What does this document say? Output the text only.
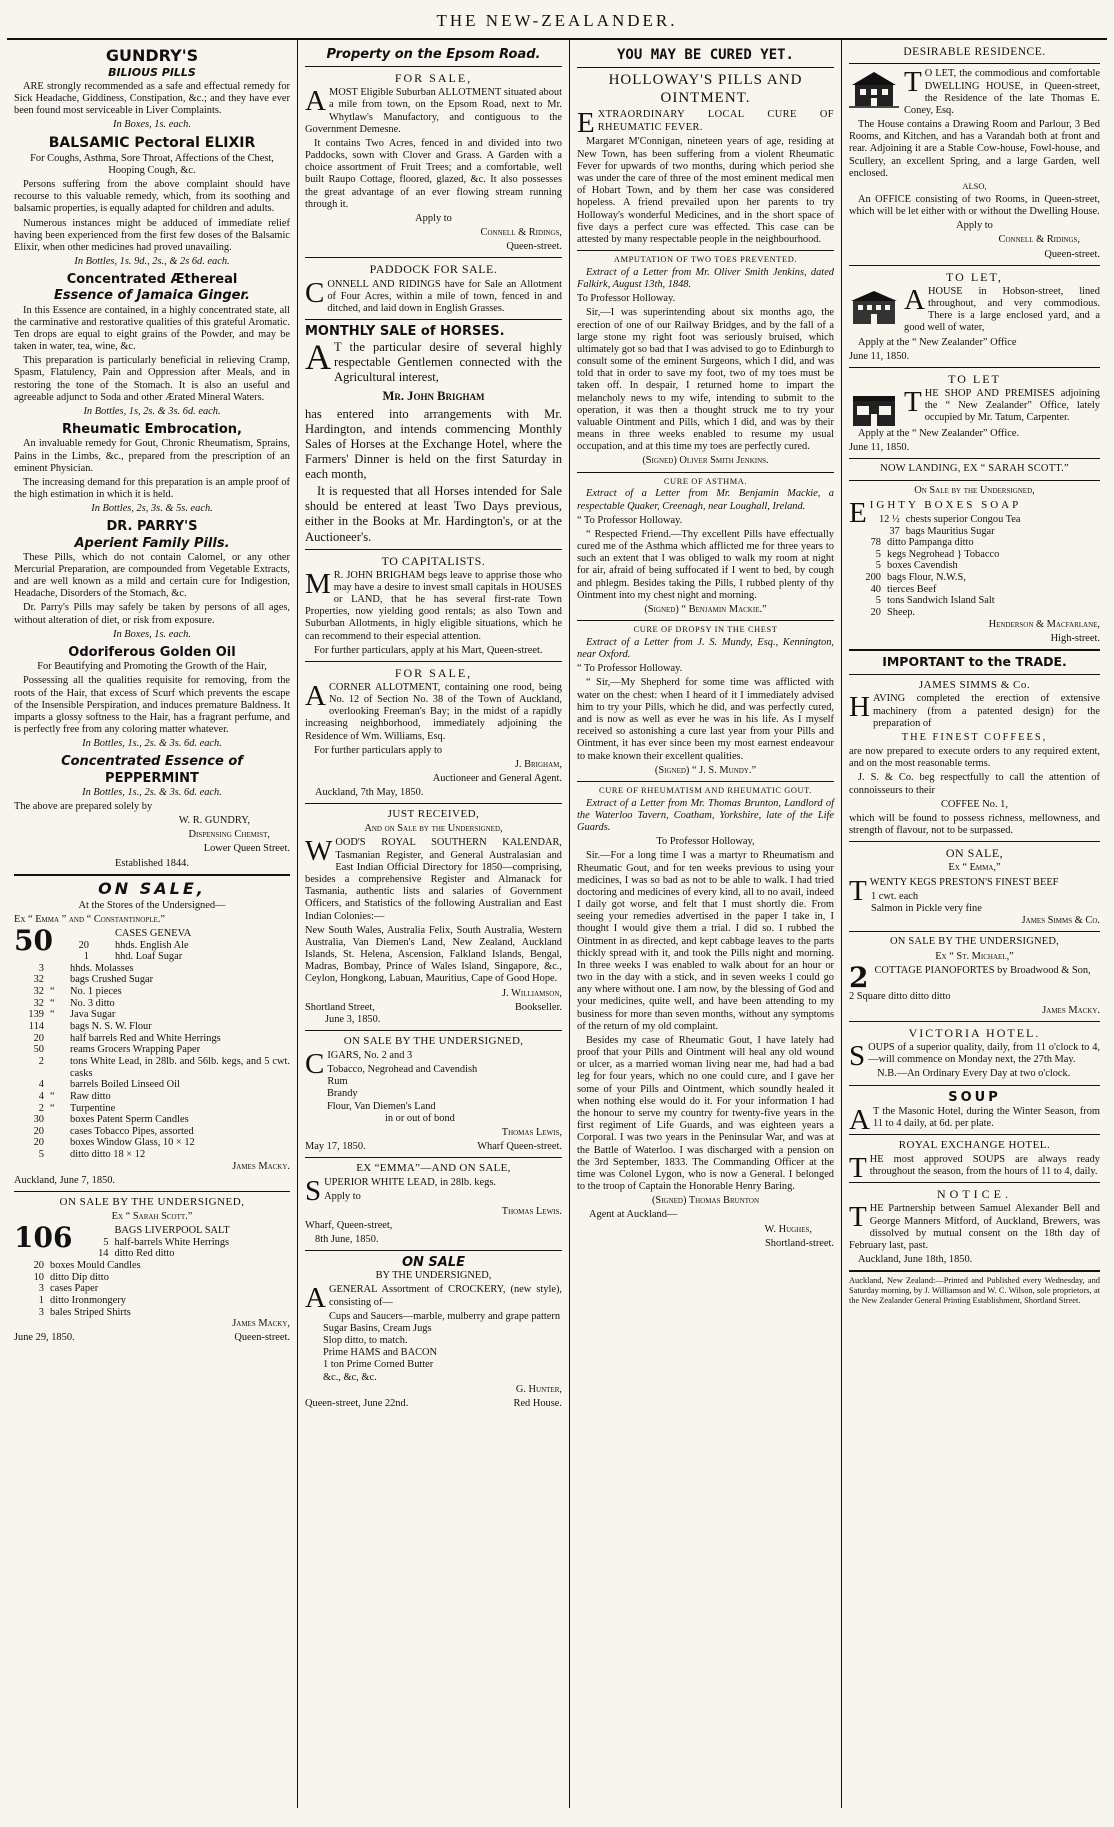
THE NEW-ZEALANDER.
GUNDRY'S
BILIOUS PILLS

ARE strongly recommended as a safe and effectual remedy for Sick Headache, Giddiness, Constipation, &c.; and they have ever been found most serviceable in Liver Complaints.

In Boxes, 1s. each.

BALSAMIC Pectoral ELIXIR

For Coughs, Asthma, Sore Throat, Affections of the Chest, Hooping Cough, &c.

Persons suffering from the above complaint should have recourse to this valuable remedy, which, from its soothing and balsamic properties, is equally adapted for children and adults.

Numerous instances might be adduced of immediate relief having been experienced from the first few doses of the Balsamic Elixir, when other medicines had proved unavailing.

In Bottles, 1s. 9d., 2s., & 2s 6d. each.

Concentrated Æthereal
Essence of Jamaica Ginger.

In this Essence are contained, in a highly concentrated state, all the carminative and restorative qualities of this grateful Aromatic. Ten drops are equal to eight grains of the Powder, and may be taken in water, tea, wine, &c.

This preparation is particularly beneficial in relieving Cramp, Spasm, Flatulency, Pain and Oppression after Meals, and in restoring the tone of the Stomach. It is also an useful and agreeable adjunct to Soda and other Ærated Mineral Waters.

In Bottles, 1s, 2s. & 3s. 6d. each.

Rheumatic Embrocation,

An invaluable remedy for Gout, Chronic Rheumatism, Sprains, Pains in the Limbs, &c., prepared from the prescription of an eminent Physician.

The increasing demand for this preparation is an ample proof of the high estimation in which it is held.

In Bottles, 2s, 3s. & 5s. each.

DR. PARRY'S
Aperient Family Pills.

These Pills, which do not contain Calomel, or any other Mercurial Preparation, are compounded from Vegetable Extracts, and are well known as a mild and certain cure for Indigestion, Headache, Disorders of the Stomach, &c.

Dr. Parry's Pills may safely be taken by persons of all ages, without alteration of diet, or risk from exposure.

In Boxes, 1s. each.

Odoriferous Golden Oil

For Beautifying and Promoting the Growth of the Hair,

Possessing all the qualities requisite for removing, from the roots of the Hair, that excess of Scurf which prevents the escape of the Insensible Perspiration, and induces premature Baldness. It imparts a glossy softness to the Hair, has a fragrant perfume, and is perfectly free from any coloring matter whatever.

In Bottles, 1s., 2s. & 3s. 6d. each.

Concentrated Essence of
PEPPERMINT

In Bottles, 1s., 2s. & 3s. 6d. each.

The above are prepared solely by

W. R. GUNDRY,

Dispensing Chemist,

Lower Queen Street.

Established 1844.

ON SALE,

At the Stores of the Undersigned—

Ex “ Emma ” and “ Constantinople.”

50	CASES GENEVA
20	hhds. English Ale
1	hhd. Loaf Sugar
3	hhds. Molasses
32	bags Crushed Sugar
32 “	No. 1 pieces
32 “	No. 3 ditto
139 “	Java Sugar
114	bags N. S. W. Flour
20	half barrels Red and White Herrings
50	reams Grocers Wrapping Paper
2	tons White Lead, in 28lb. and 56lb. kegs, and 5 cwt. casks
4	barrels Boiled Linseed Oil
4 “	Raw ditto
2 “	Turpentine
30	boxes Patent Sperm Candles
20	cases Tobacco Pipes, assorted
20	boxes Window Glass, 10 × 12
5	ditto ditto 18 × 12

James Macky.

Auckland, June 7, 1850.

ON SALE BY THE UNDERSIGNED,

Ex “ Sarah Scott.”

106	BAGS LIVERPOOL SALT
5 half-barrels White Herrings
14 ditto Red ditto
20 boxes Mould Candles
10 ditto Dip ditto
3 cases Paper
1 ditto Ironmongery
3 bales Striped Shirts

James Macky,

June 29, 1850.	Queen-street.
Property on the Epsom Road.
FOR SALE,

AMOST Eligible Suburban ALLOTMENT situated about a mile from town, on the Epsom Road, next to Mr. Whytlaw's Manufactory, and contiguous to the Government Demesne.

It contains Two Acres, fenced in and divided into two Paddocks, sown with Clover and Grass. A Garden with a choice assortment of Fruit Trees; and a comfortable, well built Raupo Cottage, floored, glazed, &c. It also possesses the great advantage of an ever flowing stream running through it.

Apply to

Connell & Ridings,

Queen-street.

PADDOCK FOR SALE.

CONNELL AND RIDINGS have for Sale an Allotment of Four Acres, within a mile of town, fenced in and ditched, and laid down in English Grasses.

MONTHLY SALE of HORSES.

A T the particular desire of several highly respectable Gentlemen connected with the Agricultural interest,

Mr. John Brigham

has entered into arrangements with Mr. Hardington, and intends commencing Monthly Sales of Horses at the Exchange Hotel, where the Farmers' Dinner is held on the first Saturday in each month,

It is requested that all Horses intended for Sale should be entered at least Two Days previous, either in the Books at Mr. Hardington's, or at the Auctioneer's.

TO CAPITALISTS.

M R. JOHN BRIGHAM begs leave to apprise those who may have a desire to invest small capitals in HOUSES or LAND, that he has several first-rate Town Properties, now yielding good rentals; as also Town and Suburban Allotments, in higly eligible situations, which he can recommend to their especial attention.

For further particulars, apply at his Mart, Queen-street.

FOR SALE,

ACORNER ALLOTMENT, containing one rood, being No. 12 of Section No. 38 of the Town of Auckland, overlooking Freeman's Bay; in the midst of a rapidly increasing neighborhood, immediately adjoining the Residence of Wm. Williams, Esq.

For further particulars apply to

J. Brigham,

Auctioneer and General Agent.

Auckland, 7th May, 1850.

JUST RECEIVED,

And on Sale by the Undersigned,

WOOD'S ROYAL SOUTHERN KALENDAR, Tasmanian Register, and General Australasian and East Indian Official Directory for 1850—comprising, besides a comprehensive Register and Almanack for Tasmania, authentic lists and salaries of Government Officers, and Statistics of the following Australian and East Indian Colonies:—

New South Wales, Australia Felix, South Australia, Western Australia, Van Diemen's Land, New Zealand, Auckland Islands, St. Helena, Ascension, Falkland Islands, Bengal, Madras, Bombay, Prince of Wales Island, Singapore, &c., Ceylon, Hongkong, Labuan, Mauritius, Cape of Good Hope.

J. Williamson,

Shortland Street,	Bookseller.

June 3, 1850.

ON SALE BY THE UNDERSIGNED,

CIGARS, No. 2 and 3

Tobacco, Negrohead and Cavendish
Rum
Brandy
Flour, Van Diemen's Land

in or out of bond

Thomas Lewis,

May 17, 1850.	Wharf Queen-street.
EX “EMMA”—AND ON SALE,

SUPERIOR WHITE LEAD, in 28lb. kegs.

Apply to

Thomas Lewis.

Wharf, Queen-street,

8th June, 1850.

ON SALE

BY THE UNDERSIGNED,

AGENERAL Assortment of CROCKERY, (new style), consisting of—

Cups and Saucers—marble, mulberry and grape pattern
Sugar Basins, Cream Jugs
Slop ditto, to match.
Prime HAMS and BACON
1 ton Prime Corned Butter
&c., &c, &c.

G. Hunter,

Queen-street, June 22nd.	Red House.
YOU MAY BE CURED YET.
HOLLOWAY'S PILLS AND OINTMENT.

EXTRAORDINARY LOCAL CURE OF RHEUMATIC FEVER.

Margaret M'Connigan, nineteen years of age, residing at New Town, has been suffering from a violent Rheumatic Fever for upwards of two months, during which period she was under the care of three of the most eminent medical men of Hobart Town, and by them her case was considered hopeless. A friend prevailed upon her parents to try Holloway's wonderful Medicines, and in the short space of five days a perfect cure was effected. This case can be attested by many respectable people in the neighbourhood.

AMPUTATION OF TWO TOES PREVENTED.

Extract of a Letter from Mr. Oliver Smith Jenkins, dated Falkirk, August 13th, 1848.

To Professor Holloway.

Sir,—I was superintending about six months ago, the erection of one of our Railway Bridges, and by the fall of a large stone my right foot was seriously bruised, which ultimately got so bad that I was advised to go to Edinburgh to consult some of the eminent Surgeons, which I did, and was told that in order to save my foot, two of my toes must be taken off. In despair, I returned home to impart the melancholy news to my wife, intending to submit to the operation, it was then a thought struck me to try your valuable Ointment and Pills, which I did, and was by their means in three weeks enabled to resume my usual occupation, and at this time my toes are perfectly cured.

(Signed) Oliver Smith Jenkins.

CURE OF ASTHMA.

Extract of a Letter from Mr. Benjamin Mackie, a respectable Quaker, Creenagh, near Loughall, Ireland.

“ To Professor Holloway.

“ Respected Friend.—Thy excellent Pills have effectually cured me of the Asthma which afflicted me for three years to such an extent that I was obliged to walk my room at night for air, afraid of being suffocated if I went to bed, by cough and phlegm. Besides taking the Pills, I rubbed plenty of thy Ointment into my chest night and morning.

(Signed) “ Benjamin Mackie.”

CURE OF DROPSY IN THE CHEST

Extract of a Letter from J. S. Mundy, Esq., Kennington, near Oxford.

“ To Professor Holloway.

“ Sir,—My Shepherd for some time was afflicted with water on the chest: when I heard of it I immediately advised him to try your Pills, which he did, and was perfectly cured, and is now as well as ever he was in his life. As I myself received so astonishing a cure last year from your Pills and Ointment, it has ever since been my most earnest endeavour to make known their excellent qualities.

(Signed) “ J. S. Mundy.”

CURE OF RHEUMATISM AND RHEUMATIC GOUT.

Extract of a Letter from Mr. Thomas Brunton, Landlord of the Waterloo Tavern, Coatham, Yorkshire, late of the Life Guards.

To Professor Holloway,

Sir.—For a long time I was a martyr to Rheumatism and Rheumatic Gout, and for ten weeks previous to using your medicines, I was so bad as not to be able to walk. I had tried doctoring and medicines of every kind, all to no avail, indeed I daily got worse, and felt that I must shortly die. From seeing your remedies advertised in the paper I take in, I thought I would give them a trial. I did so. I rubbed the Ointment in as directed, and kept cabbage leaves to the parts thickly spread with it, and took the Pills night and morning. In three weeks I was enabled to walk about for an hour or two in the day with a stick, and in seven weeks I could go any where without one. I am now, by the blessing of God and your medicines, quite well, and have been attending to my business for more than seven months, without any symptoms of the return of my old complaint.

Besides my case of Rheumatic Gout, I have lately had proof that your Pills and Ointment will heal any old wound or ulcer, as a married woman living near me, had had a bad leg for four years, which no one could cure, and I gave her some of your Pills and Ointment, which soundly healed it when nothing else would do it. For your information I had the honour to serve my country for twenty-five years in the first regiment of Life Guards, and was eighteen years a Corporal. I was two years in the Peninsular War, and was at the Battle of Waterloo. I was discharged with a pension on the 3rd September, 1833. The Commanding Officer at the time was Colonel Lygon, who is now a General. I belonged to the troop of Captain the Honorable Henry Baring.

(Signed) Thomas Brunton

Agent at Auckland—

W. Hughes,

Shortland-street.

DESIRABLE RESIDENCE.

T O LET, the commodious and comfortable DWELLING HOUSE, in Queen-street, the Residence of the late Thomas E. Coney, Esq.

The House contains a Drawing Room and Parlour, 3 Bed Rooms, and Kitchen, and has a Varandah both at front and rear. Adjoining it are a Stable Cow-house, Fowl-house, and Scullery, an excellent Spring, and a large Garden, well enclosed.

ALSO,

An OFFICE consisting of two Rooms, in Queen-street, which will be let either with or without the Dwelling House.

Apply to

Connell & Ridings,

Queen-street.

TO LET,

AHOUSE in Hobson-street, lined throughout, and very commodious. There is a large enclosed yard, and a good well of water,

Apply at the “ New Zealander” Office

June 11, 1850.

TO LET

THE SHOP AND PREMISES adjoining the “ New Zealander” Office, lately occupied by Mr. Tatum, Carpenter.

Apply at the “ New Zealander” Office.

June 11, 1850.

NOW LANDING, EX “ SARAH SCOTT.”

On Sale by the Undersigned,

EIGHTY BOXES SOAP

12 ½ chests superior Congou Tea
37 bags Mauritius Sugar
78 ditto Pampanga ditto
5 kegs Negrohead } Tobacco
5 boxes Cavendish
200 bags Flour, N.W.S,
40 tierces Beef
5 tons Sandwich Island Salt
20 Sheep.

Henderson & Macfarlane,

High-street.

IMPORTANT to the TRADE.
JAMES SIMMS & Co.

HAVING completed the erection of extensive machinery (from a patented design) for the preparation of

THE FINEST COFFEES,

are now prepared to execute orders to any required extent, and on the most reasonable terms.

J. S. & Co. beg respectfully to call the attention of connoisseurs to their

COFFEE No. 1,

which will be found to possess richness, mellowness, and strength of flavour, not to be surpassed.

ON SALE,

Ex “ Emma,”

TWENTY KEGS PRESTON'S FINEST BEEF

1 cwt. each
Salmon in Pickle very fine

James Simms & Co.

ON SALE BY THE UNDERSIGNED,

Ex “ St. Michael,”

2 COTTAGE PIANOFORTES by Broadwood & Son,

2 Square ditto ditto ditto

James Macky.

VICTORIA HOTEL.

SOUPS of a superior quality, daily, from 11 o'clock to 4,—will commence on Monday next, the 27th May.

N.B.—An Ordinary Every Day at two o'clock.

SOUP

A T the Masonic Hotel, during the Winter Season, from 11 to 4 daily, at 6d. per plate.

ROYAL EXCHANGE HOTEL.

THE most approved SOUPS are always ready throughout the season, from the hours of 11 to 4, daily.

NOTICE.

THE Partnership between Samuel Alexander Bell and George Manners Mitford, of Auckland, Brewers, was dissolved by mutual consent on the 18th day of February last, past.

Auckland, June 18th, 1850.

Auckland, New Zealand:—Printed and Published every Wednesday, and Saturday morning, by J. Williamson and W. C. Wilson, sole proprietors, at the New Zealander General Printing Establishment, Shortland Street.
